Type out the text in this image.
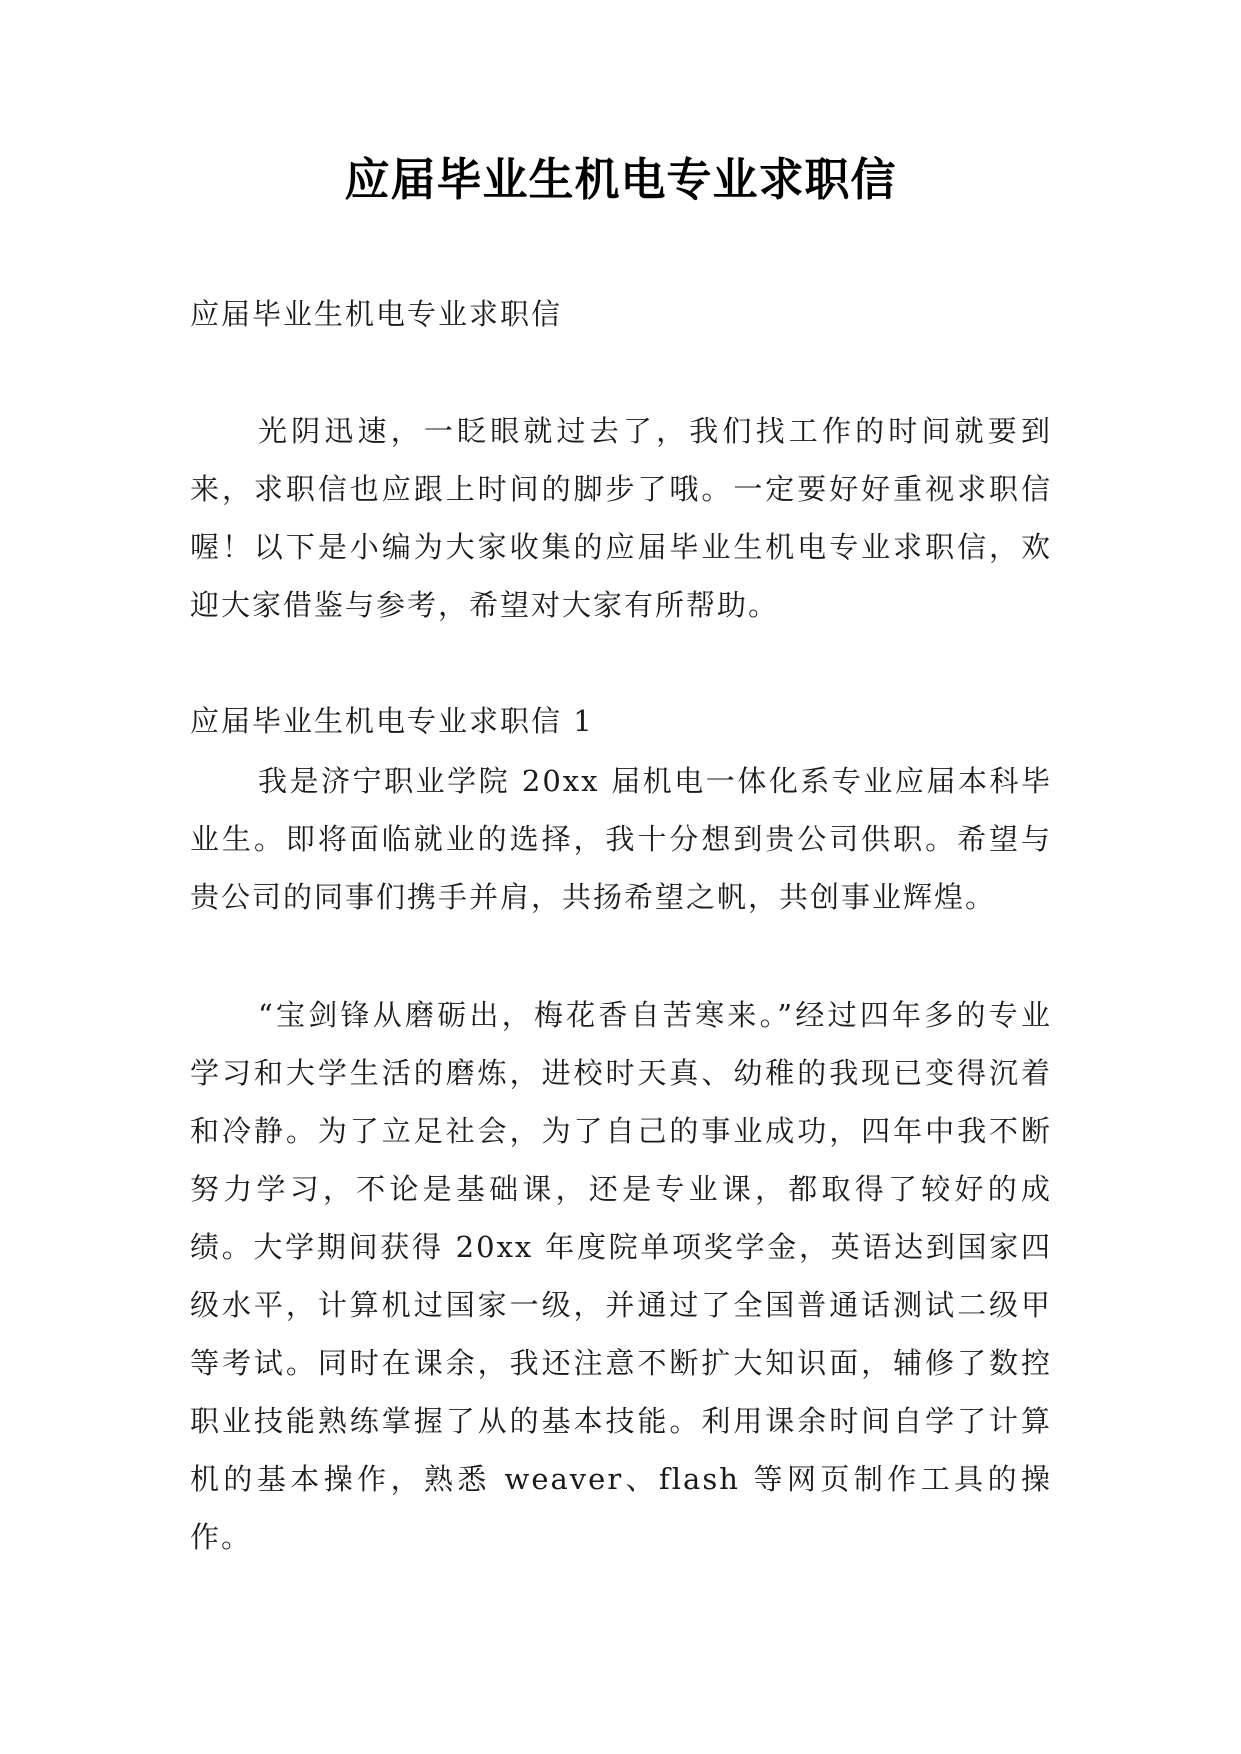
应届毕业生机电专业求职信

应届毕业生机电专业求职信

光阴迅速，一眨眼就过去了，我们找工作的时间就要到来，求职信也应跟上时间的脚步了哦。一定要好好重视求职信喔！以下是小编为大家收集的应届毕业生机电专业求职信，欢迎大家借鉴与参考，希望对大家有所帮助。

应届毕业生机电专业求职信 1

我是济宁职业学院 20xx 届机电一体化系专业应届本科毕业生。即将面临就业的选择，我十分想到贵公司供职。希望与贵公司的同事们携手并肩，共扬希望之帆，共创事业辉煌。

“宝剑锋从磨砺出，梅花香自苦寒来。”经过四年多的专业学习和大学生活的磨炼，进校时天真、幼稚的我现已变得沉着和冷静。为了立足社会，为了自己的事业成功，四年中我不断努力学习，不论是基础课，还是专业课，都取得了较好的成绩。大学期间获得 20xx 年度院单项奖学金，英语达到国家四级水平，计算机过国家一级，并通过了全国普通话测试二级甲等考试。同时在课余，我还注意不断扩大知识面，辅修了数控职业技能熟练掌握了从的基本技能。利用课余时间自学了计算机的基本操作，熟悉 weaver、flash 等网页制作工具的操作。
